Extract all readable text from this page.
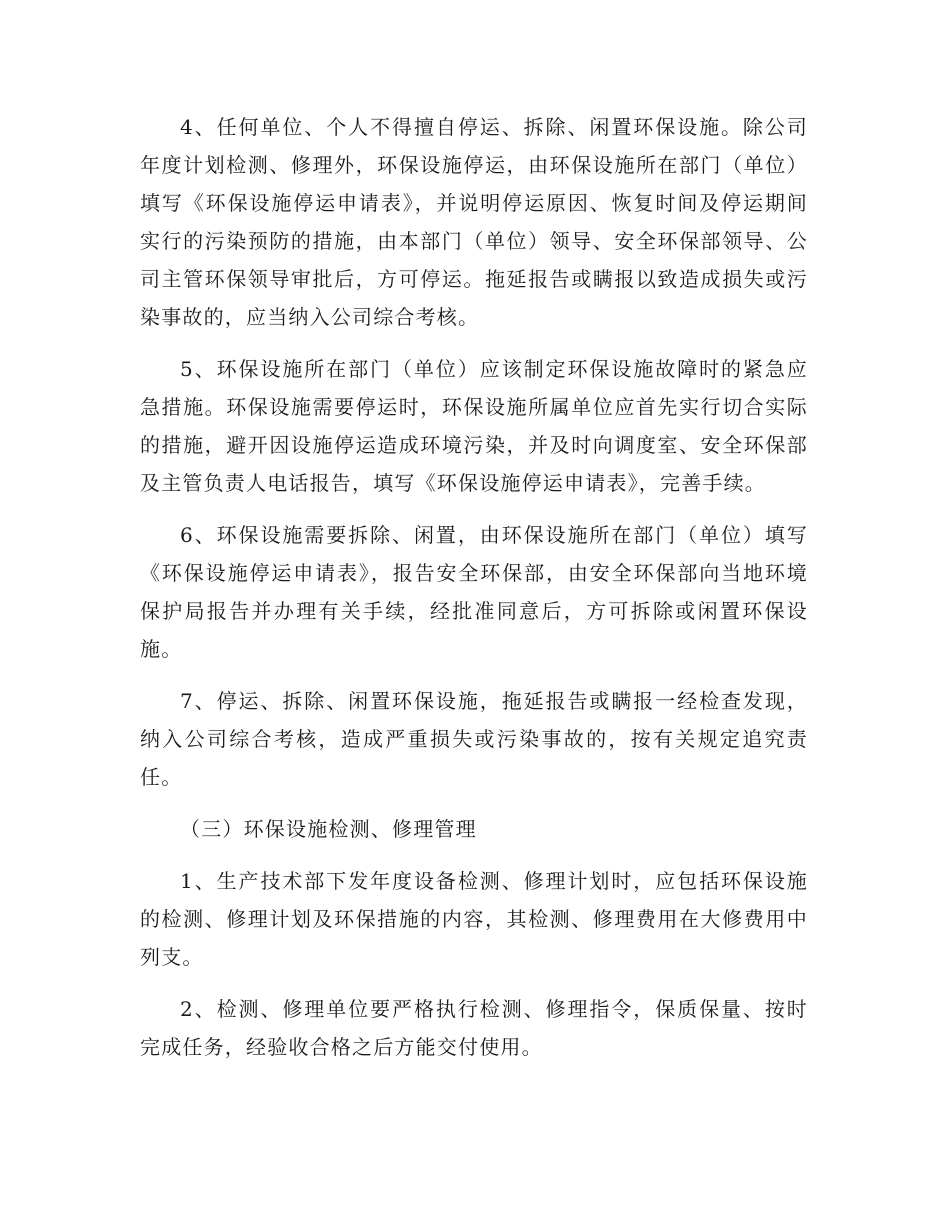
4、任何单位、个人不得擅自停运、拆除、闲置环保设施。除公司年度计划检测、修理外，环保设施停运，由环保设施所在部门（单位）填写《环保设施停运申请表》，并说明停运原因、恢复时间及停运期间实行的污染预防的措施，由本部门（单位）领导、安全环保部领导、公司主管环保领导审批后，方可停运。拖延报告或瞒报以致造成损失或污染事故的，应当纳入公司综合考核。

5、环保设施所在部门（单位）应该制定环保设施故障时的紧急应急措施。环保设施需要停运时，环保设施所属单位应首先实行切合实际的措施，避开因设施停运造成环境污染，并及时向调度室、安全环保部及主管负责人电话报告，填写《环保设施停运申请表》，完善手续。

6、环保设施需要拆除、闲置，由环保设施所在部门（单位）填写《环保设施停运申请表》，报告安全环保部，由安全环保部向当地环境保护局报告并办理有关手续，经批准同意后，方可拆除或闲置环保设施。

7、停运、拆除、闲置环保设施，拖延报告或瞒报一经检查发现，纳入公司综合考核，造成严重损失或污染事故的，按有关规定追究责任。

（三）环保设施检测、修理管理

1、生产技术部下发年度设备检测、修理计划时，应包括环保设施的检测、修理计划及环保措施的内容，其检测、修理费用在大修费用中列支。

2、检测、修理单位要严格执行检测、修理指令，保质保量、按时完成任务，经验收合格之后方能交付使用。
